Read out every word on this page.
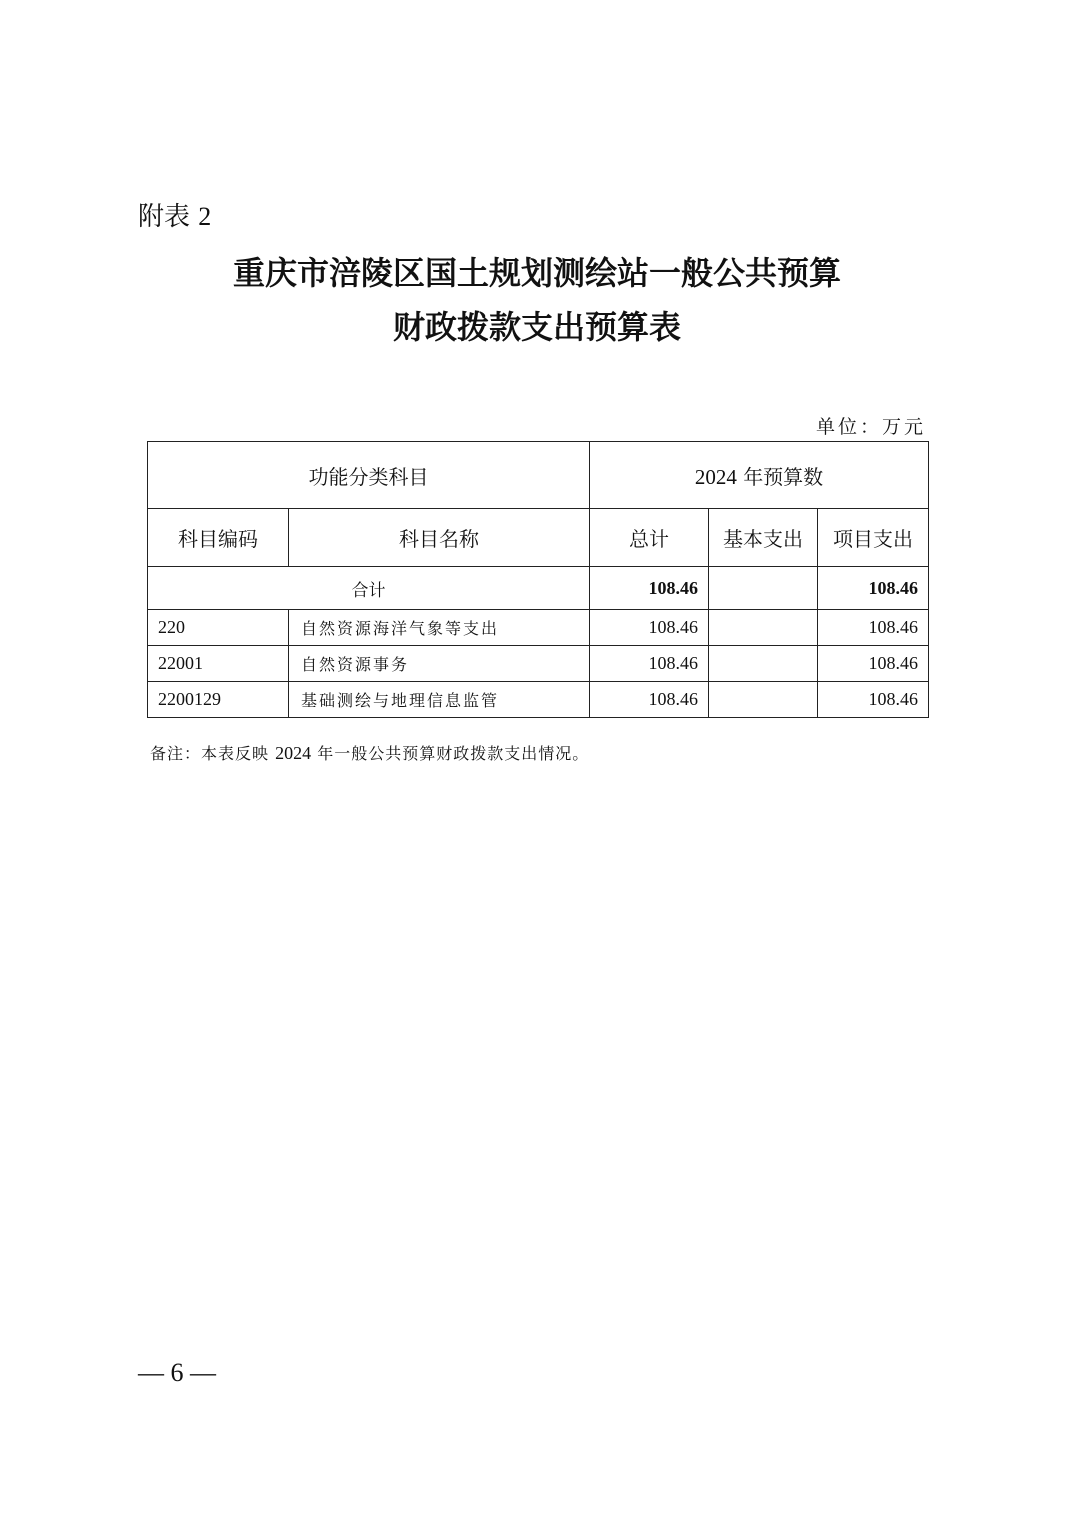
附表 2
重庆市涪陵区国土规划测绘站一般公共预算
财政拨款支出预算表
单位：万元
功能分类科目		2024 年预算数		
科目编码	科目名称	总计	基本支出	项目支出
合计		108.46		108.46
220	自然资源海洋气象等支出	108.46		108.46
22001	自然资源事务	108.46		108.46
2200129	基础测绘与地理信息监管	108.46		108.46
备注：本表反映 2024 年一般公共预算财政拨款支出情况。
— 6 —
